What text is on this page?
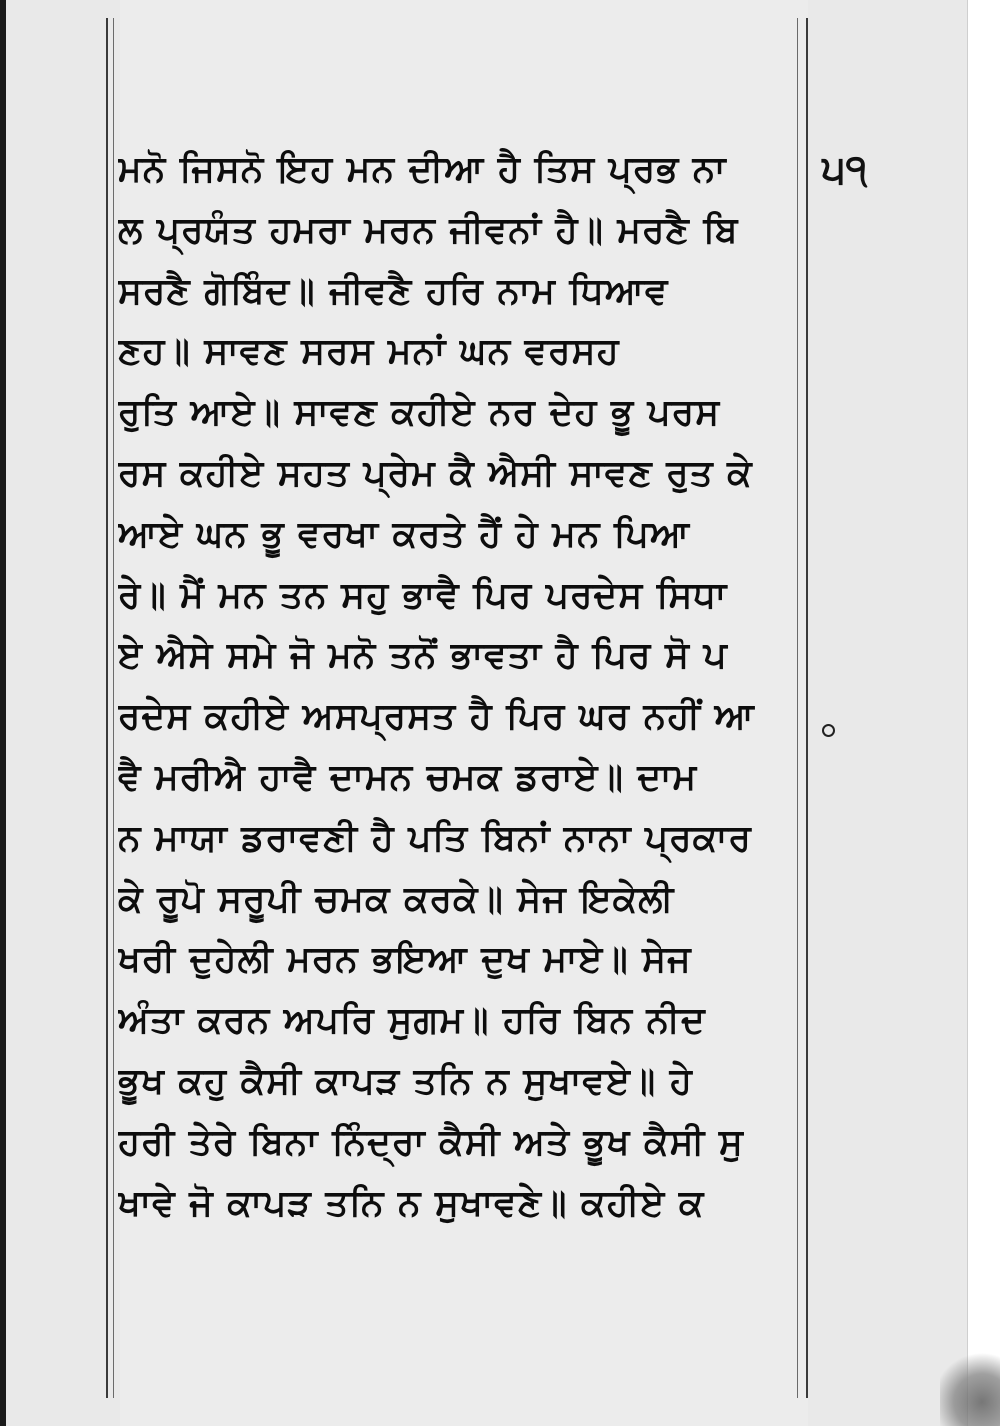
੫੧
ਮਨੋ ਜਿਸਨੋ ਇਹ ਮਨ ਦੀਆ ਹੈ ਤਿਸ ਪ੍ਰਭ ਨਾ
ਲ ਪ੍ਰਯੰਤ ਹਮਰਾ ਮਰਨ ਜੀਵਨਾਂ ਹੈ॥ ਮਰਣੈ ਬਿ
ਸਰਣੈ ਗੋਬਿੰਦ॥ ਜੀਵਣੈ ਹਰਿ ਨਾਮ ਧਿਆਵ
ਣਹ॥ ਸਾਵਣ ਸਰਸ ਮਨਾਂ ਘਨ ਵਰਸਹ
ਰੁਤਿ ਆਏ॥ ਸਾਵਣ ਕਹੀਏ ਨਰ ਦੇਹ ਭੂ ਪਰਸ
ਰਸ ਕਹੀਏ ਸਹਤ ਪ੍ਰੇਮ ਕੈ ਐਸੀ ਸਾਵਣ ਰੁਤ ਕੇ
ਆਏ ਘਨ ਭੂ ਵਰਖਾ ਕਰਤੇ ਹੈਂ ਹੇ ਮਨ ਪਿਆ
ਰੇ॥ ਮੈਂ ਮਨ ਤਨ ਸਹੁ ਭਾਵੈ ਪਿਰ ਪਰਦੇਸ ਸਿਧਾ
ਏ ਐਸੇ ਸਮੇ ਜੋ ਮਨੋ ਤਨੋਂ ਭਾਵਤਾ ਹੈ ਪਿਰ ਸੋ ਪ
ਰਦੇਸ ਕਹੀਏ ਅਸਪ੍ਰਸਤ ਹੈ ਪਿਰ ਘਰ ਨਹੀਂ ਆ
ਵੈ ਮਰੀਐ ਹਾਵੈ ਦਾਮਨ ਚਮਕ ਡਰਾਏ॥ ਦਾਮ
ਨ ਮਾਯਾ ਡਰਾਵਣੀ ਹੈ ਪਤਿ ਬਿਨਾਂ ਨਾਨਾ ਪ੍ਰਕਾਰ
ਕੇ ਰੂਪੋ ਸਰੂਪੀ ਚਮਕ ਕਰਕੇ॥ ਸੇਜ ਇਕੇਲੀ
ਖਰੀ ਦੁਹੇਲੀ ਮਰਨ ਭਇਆ ਦੁਖ ਮਾਏ॥ ਸੇਜ
ਅੰਤਾ ਕਰਨ ਅਪਰਿ ਸੁਗਮ॥ ਹਰਿ ਬਿਨ ਨੀਦ
ਭੂਖ ਕਹੁ ਕੈਸੀ ਕਾਪੜ ਤਨਿ ਨ ਸੁਖਾਵਏ॥ ਹੇ
ਹਰੀ ਤੇਰੇ ਬਿਨਾ ਨਿੰਦ੍ਰਾ ਕੈਸੀ ਅਤੇ ਭੂਖ ਕੈਸੀ ਸੁ
ਖਾਵੇ ਜੋ ਕਾਪੜ ਤਨਿ ਨ ਸੁਖਾਵਣੇ॥ ਕਹੀਏ ਕ
